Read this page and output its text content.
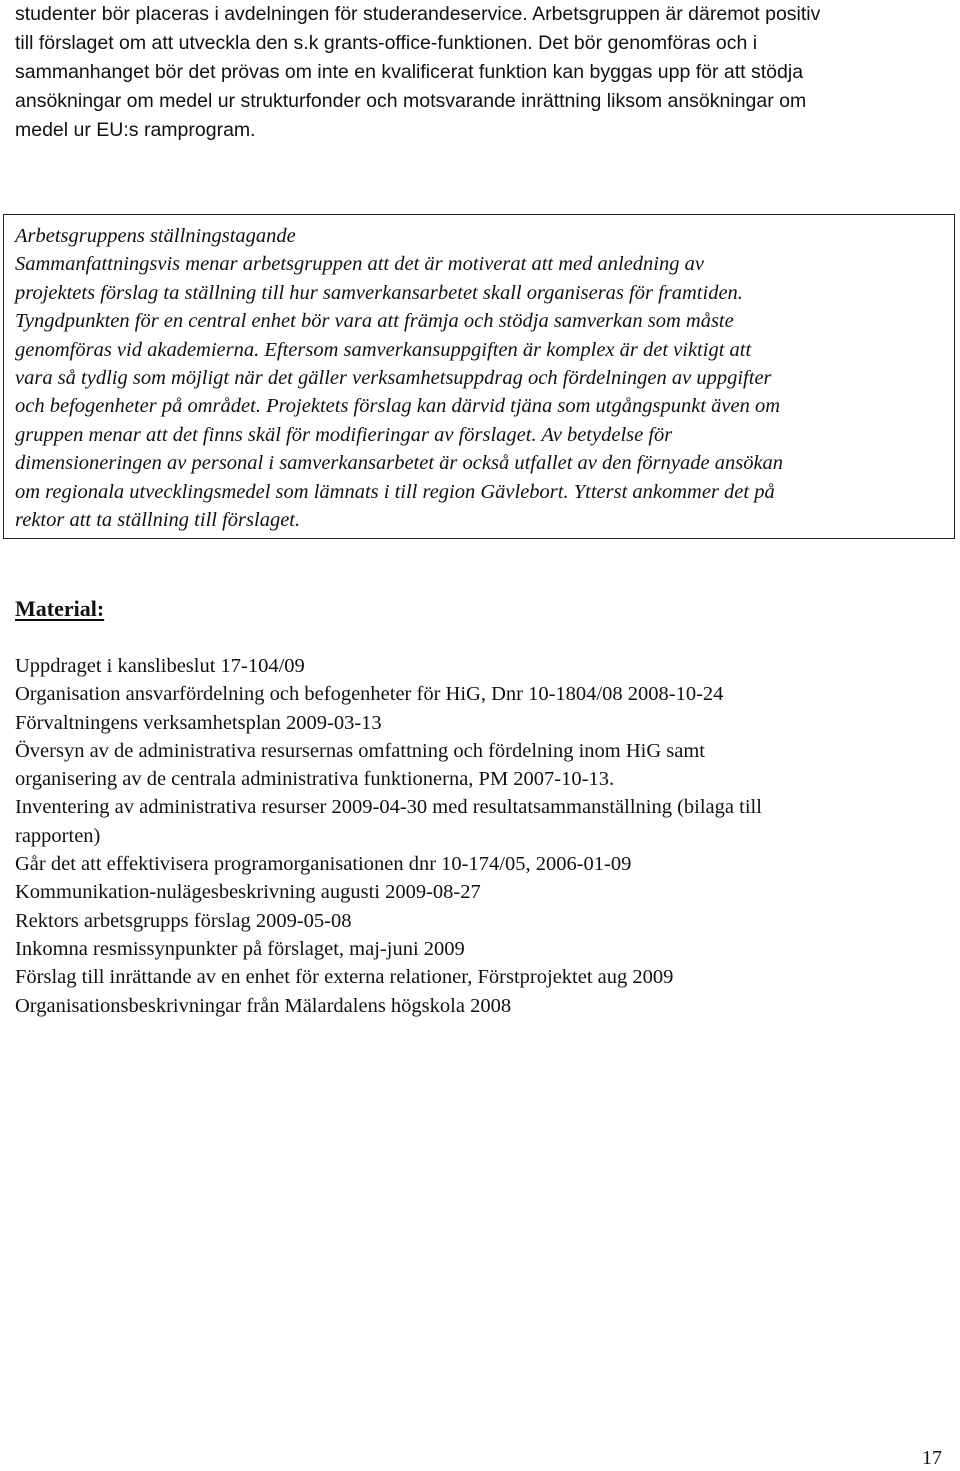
studenter bör placeras i avdelningen för studerandeservice. Arbetsgruppen är däremot positiv
till förslaget om att utveckla den s.k grants-office-funktionen. Det bör genomföras och i
sammanhanget bör det prövas om inte en kvalificerat funktion kan byggas upp för att stödja
ansökningar om medel ur strukturfonder och motsvarande inrättning liksom ansökningar om
medel ur EU:s ramprogram.
Arbetsgruppens ställningstagande
Sammanfattningsvis menar arbetsgruppen att det är motiverat att med anledning av
projektets förslag ta ställning till hur samverkansarbetet skall organiseras för framtiden.
Tyngdpunkten för en central enhet bör vara att främja och stödja samverkan som måste
genomföras vid akademierna. Eftersom samverkansuppgiften är komplex är det viktigt att
vara så tydlig som möjligt när det gäller verksamhetsuppdrag och fördelningen av uppgifter
och befogenheter på området. Projektets förslag kan därvid tjäna som utgångspunkt även om
gruppen menar att det finns skäl för modifieringar av förslaget. Av betydelse för
dimensioneringen av personal i samverkansarbetet är också utfallet av den förnyade ansökan
om regionala utvecklingsmedel som lämnats i till region Gävlebort. Ytterst ankommer det på
rektor att ta ställning till förslaget.
Material:
Uppdraget i kanslibeslut 17-104/09
Organisation ansvarfördelning och befogenheter för HiG, Dnr 10-1804/08 2008-10-24
Förvaltningens verksamhetsplan 2009-03-13
Översyn av de administrativa resursernas omfattning och fördelning inom HiG samt
organisering av de centrala administrativa funktionerna, PM 2007-10-13.
Inventering av administrativa resurser 2009-04-30 med resultatsammanställning (bilaga till
rapporten)
Går det att effektivisera programorganisationen dnr 10-174/05, 2006-01-09
Kommunikation-nulägesbeskrivning augusti 2009-08-27
Rektors arbetsgrupps förslag 2009-05-08
Inkomna resmissynpunkter på förslaget, maj-juni 2009
Förslag till inrättande av en enhet för externa relationer, Förstprojektet aug 2009
Organisationsbeskrivningar från Mälardalens högskola 2008
17
